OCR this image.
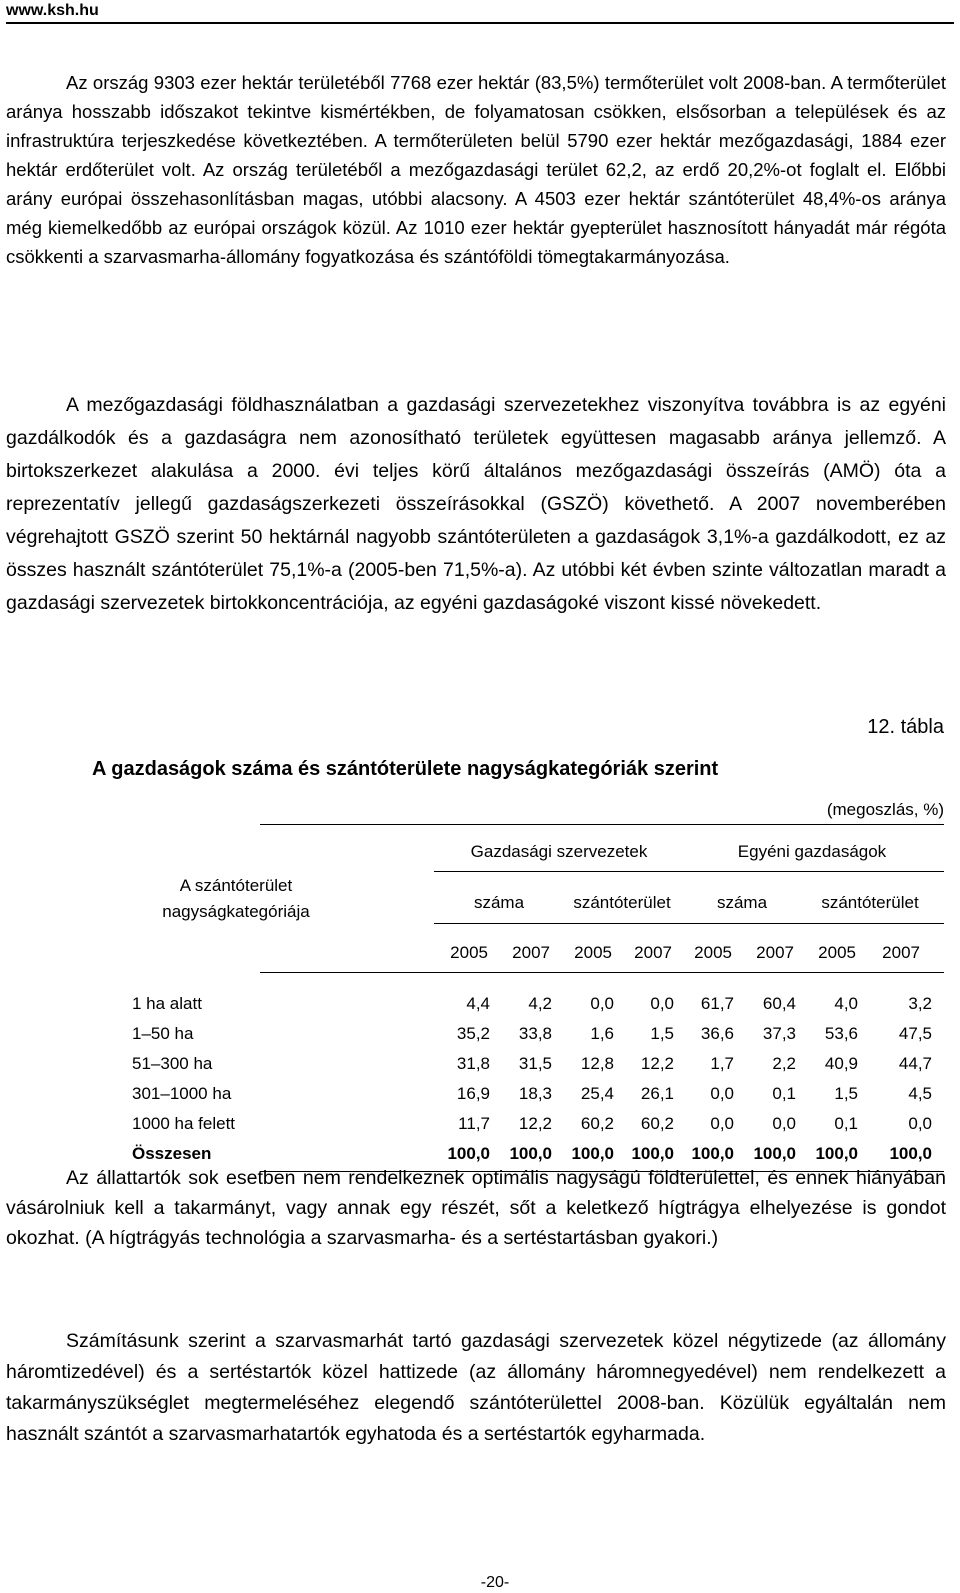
www.ksh.hu

Az ország 9303 ezer hektár területéből 7768 ezer hektár (83,5%) termőterület volt 2008-ban. A termőterület aránya hosszabb időszakot tekintve kismértékben, de folyamatosan csökken, elsősorban a települések és az infrastruktúra terjeszkedése következtében. A termőterületen belül 5790 ezer hektár mezőgazdasági, 1884 ezer hektár erdőterület volt. Az ország területéből a mezőgazdasági terület 62,2, az erdő 20,2%-ot foglalt el. Előbbi arány európai összehasonlításban magas, utóbbi alacsony. A 4503 ezer hektár szántóterület 48,4%-os aránya még kiemelkedőbb az európai országok közül. Az 1010 ezer hektár gyepterület hasznosított hányadát már régóta csökkenti a szarvasmarha-állomány fogyatkozása és szántóföldi tömegtakarmányozása.

A mezőgazdasági földhasználatban a gazdasági szervezetekhez viszonyítva továbbra is az egyéni gazdálkodók és a gazdaságra nem azonosítható területek együttesen magasabb aránya jellemző. A birtokszerkezet alakulása a 2000. évi teljes körű általános mezőgazdasági összeírás (AMÖ) óta a reprezentatív jellegű gazdaságszerkezeti összeírásokkal (GSZÖ) követhető. A 2007 novemberében végrehajtott GSZÖ szerint 50 hektárnál nagyobb szántóterületen a gazdaságok 3,1%-a gazdálkodott, ez az összes használt szántóterület 75,1%-a (2005-ben 71,5%-a). Az utóbbi két évben szinte változatlan maradt a gazdasági szervezetek birtokkoncentrációja, az egyéni gazdaságoké viszont kissé növekedett.

12. tábla
A gazdaságok száma és szántóterülete nagyságkategóriák szerint
(megoszlás, %)
A szántóterület
nagyságkategóriája
Gazdasági szervezetek	Egyéni gazdaságok
száma	szántóterület	száma	szántóterület
2005	2007	2005	2007	2005	2007	2005	2007
1 ha alatt	4,4	4,2	0,0	0,0	61,7	60,4	4,0	3,2
1–50 ha	35,2	33,8	1,6	1,5	36,6	37,3	53,6	47,5
51–300 ha	31,8	31,5	12,8	12,2	1,7	2,2	40,9	44,7
301–1000 ha	16,9	18,3	25,4	26,1	0,0	0,1	1,5	4,5
1000 ha felett	11,7	12,2	60,2	60,2	0,0	0,0	0,1	0,0
Összesen	100,0	100,0	100,0	100,0	100,0	100,0	100,0	100,0

Az állattartók sok esetben nem rendelkeznek optimális nagyságú földterülettel, és ennek hiányában vásárolniuk kell a takarmányt, vagy annak egy részét, sőt a keletkező hígtrágya elhelyezése is gondot okozhat. (A hígtrágyás technológia a szarvasmarha- és a sertéstartásban gyakori.)

Számításunk szerint a szarvasmarhát tartó gazdasági szervezetek közel négytizede (az állomány háromtizedével) és a sertéstartók közel hattizede (az állomány háromnegyedével) nem rendelkezett a takarmányszükséglet megtermeléséhez elegendő szántóterülettel 2008-ban. Közülük egyáltalán nem használt szántót a szarvasmarhatartók egyhatoda és a sertéstartók egyharmada.

-20-
